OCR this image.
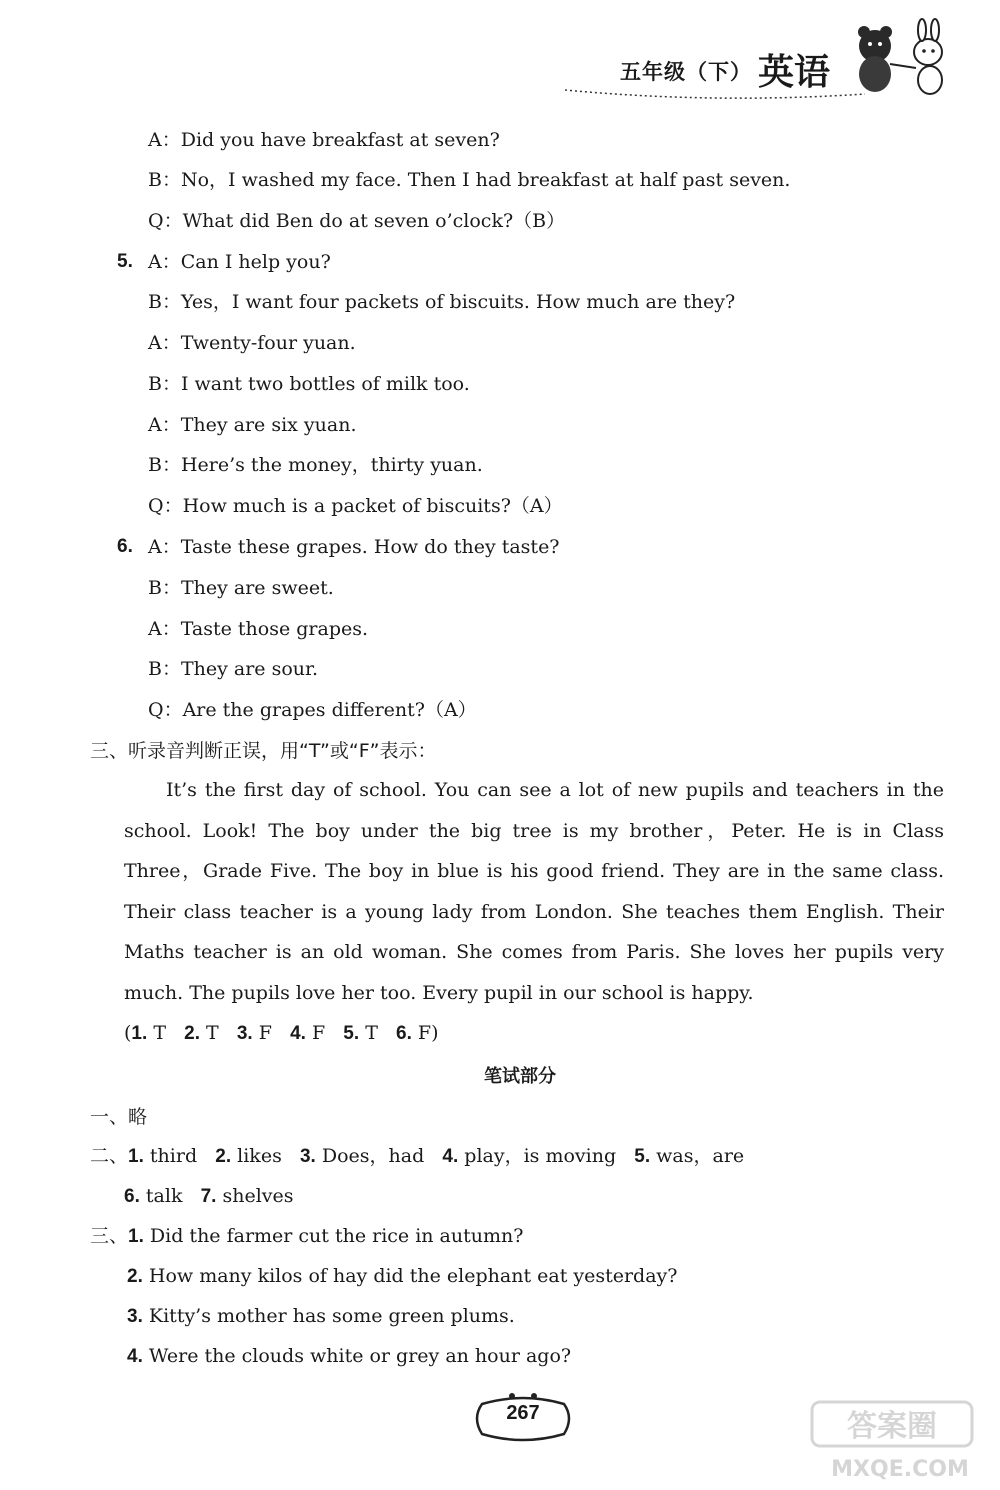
五年级（下） 英语
A：Did you have breakfast at seven?
B：No，I washed my face. Then I had breakfast at half past seven.
Q：What did Ben do at seven o’clock?（B）
5. A：Can I help you?
B：Yes，I want four packets of biscuits. How much are they?
A：Twenty-four yuan.
B：I want two bottles of milk too.
A：They are six yuan.
B：Here’s the money，thirty yuan.
Q：How much is a packet of biscuits?（A）
6. A：Taste these grapes. How do they taste?
B：They are sweet.
A：Taste those grapes.
B：They are sour.
Q：Are the grapes different?（A）
三、听录音判断正误，用“T”或“F”表示：
It’s the first day of school. You can see a lot of new pupils and teachers in the school. Look! The boy under the big tree is my brother，Peter. He is in Class Three，Grade Five. The boy in blue is his good friend. They are in the same class. Their class teacher is a young lady from London. She teaches them English. Their Maths teacher is an old woman. She comes from Paris. She loves her pupils very much. The pupils love her too. Every pupil in our school is happy.
(1. T 2. T 3. F 4. F 5. T 6. F)
笔试部分
一、略
二、1. third 2. likes 3. Does，had 4. play，is moving 5. was，are
6. talk 7. shelves
三、1. Did the farmer cut the rice in autumn?
2. How many kilos of hay did the elephant eat yesterday?
3. Kitty’s mother has some green plums.
4. Were the clouds white or grey an hour ago?
267	答案圈
MXQE.COM
